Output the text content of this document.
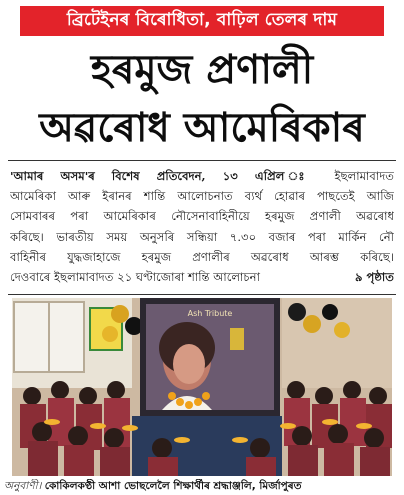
ব্ৰিটেইনৰ বিৰোধিতা, বাঢ়িল তেলৰ দাম
হৰমুজ প্ৰণালী
অৱৰোধ আমেৰিকাৰ
'আমাৰ অসম'ৰ বিশেষ প্ৰতিবেদন, ১৩ এপ্ৰিল ঃ ইছলামাবাদত
আমেৰিকা আৰু ইৰানৰ শান্তি আলোচনাত ব্যৰ্থ হোৱাৰ পাছতেই আজি
সোমবাৰৰ পৰা আমেৰিকাৰ নৌসেনাবাহিনীয়ে হৰমুজ প্ৰণালী অৱৰোধ
কৰিছে। ভাৰতীয় সময় অনুসৰি সন্ধিয়া ৭.৩০ বজাৰ পৰা মাৰ্কিন নৌ
বাহিনীৰ যুদ্ধজাহাজে হৰমুজ প্ৰণালীৰ অৱৰোধ আৰম্ভ কৰিছে।
দেওবাৰে ইছলামাবাদত ২১ ঘণ্টাজোৰা শান্তি আলোচনা	৯ পৃষ্ঠাত
Ash Tribute
অনুবাণী। কোকিলকণ্ঠী আশা ভোছলেলৈ শিক্ষাৰ্থীৰ শ্ৰদ্ধাঞ্জলি, মিৰ্জাপুৰত
